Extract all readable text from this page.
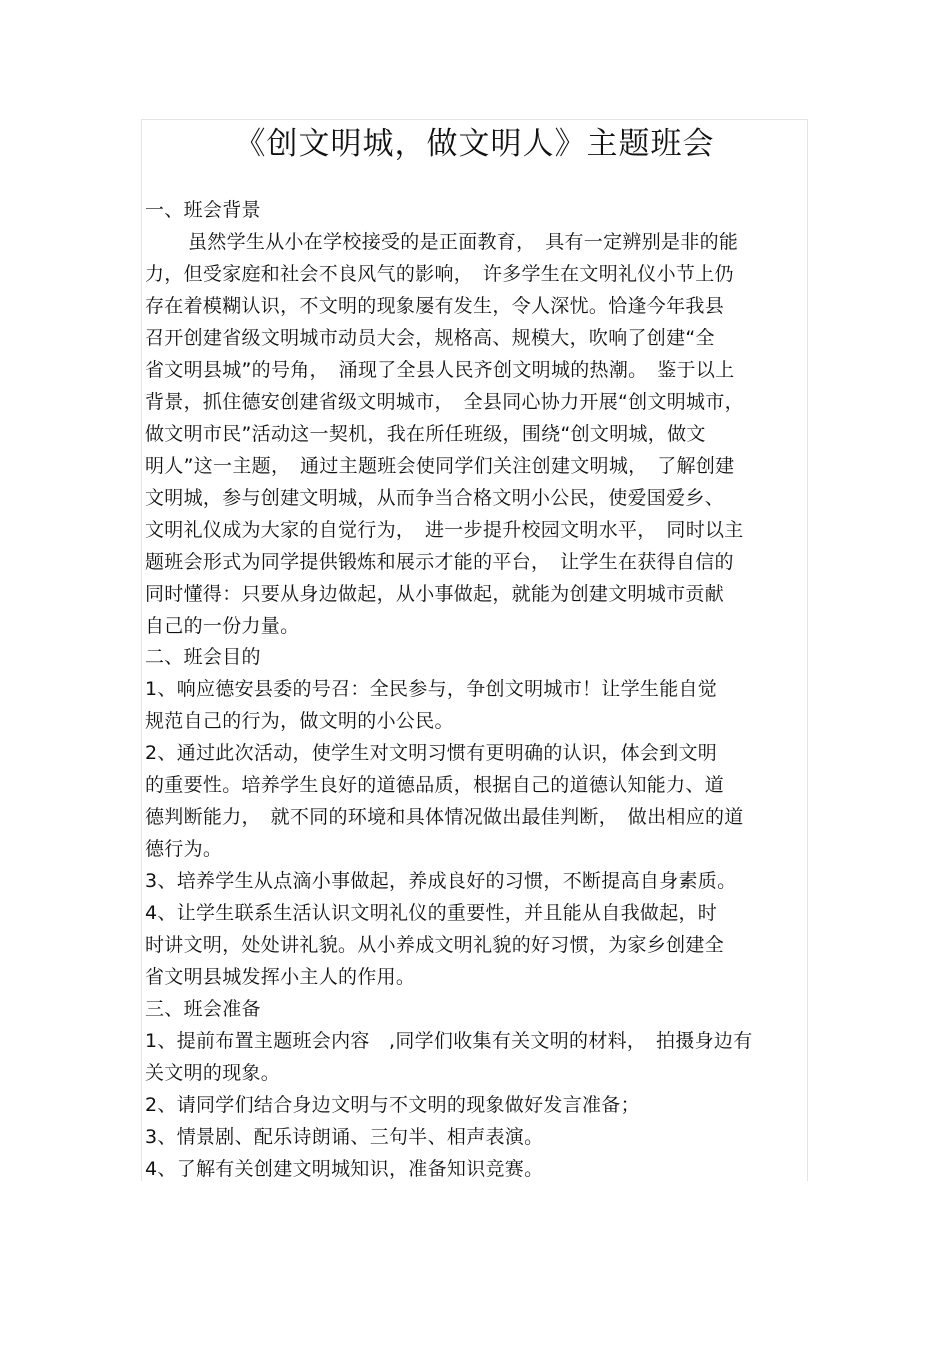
《创文明城，做文明人》主题班会
一、班会背景
虽然学生从小在学校接受的是正面教育，　具有一定辨别是非的能
力，但受家庭和社会不良风气的影响，　许多学生在文明礼仪小节上仍
存在着模糊认识，不文明的现象屡有发生，令人深忧。恰逢今年我县
召开创建省级文明城市动员大会，规格高、规模大，吹响了创建“全
省文明县城”的号角，　涌现了全县人民齐创文明城的热潮。　鉴于以上
背景，抓住德安创建省级文明城市，　全县同心协力开展“创文明城市，
做文明市民”活动这一契机，我在所任班级，围绕“创文明城，做文
明人”这一主题，　通过主题班会使同学们关注创建文明城，　了解创建
文明城，参与创建文明城，从而争当合格文明小公民，使爱国爱乡、
文明礼仪成为大家的自觉行为，　进一步提升校园文明水平，　同时以主
题班会形式为同学提供锻炼和展示才能的平台，　让学生在获得自信的
同时懂得：只要从身边做起，从小事做起，就能为创建文明城市贡献
自己的一份力量。
二、班会目的
1、响应德安县委的号召：全民参与，争创文明城市！让学生能自觉
规范自己的行为，做文明的小公民。
2、通过此次活动，使学生对文明习惯有更明确的认识，体会到文明
的重要性。培养学生良好的道德品质，根据自己的道德认知能力、道
德判断能力，　就不同的环境和具体情况做出最佳判断，　做出相应的道
德行为。
3、培养学生从点滴小事做起，养成良好的习惯，不断提高自身素质。
4、让学生联系生活认识文明礼仪的重要性，并且能从自我做起，时
时讲文明，处处讲礼貌。从小养成文明礼貌的好习惯，为家乡创建全
省文明县城发挥小主人的作用。
三、班会准备
1、提前布置主题班会内容　,同学们收集有关文明的材料，　拍摄身边有
关文明的现象。
2、请同学们结合身边文明与不文明的现象做好发言准备；
3、情景剧、配乐诗朗诵、三句半、相声表演。
4、了解有关创建文明城知识，准备知识竞赛。
